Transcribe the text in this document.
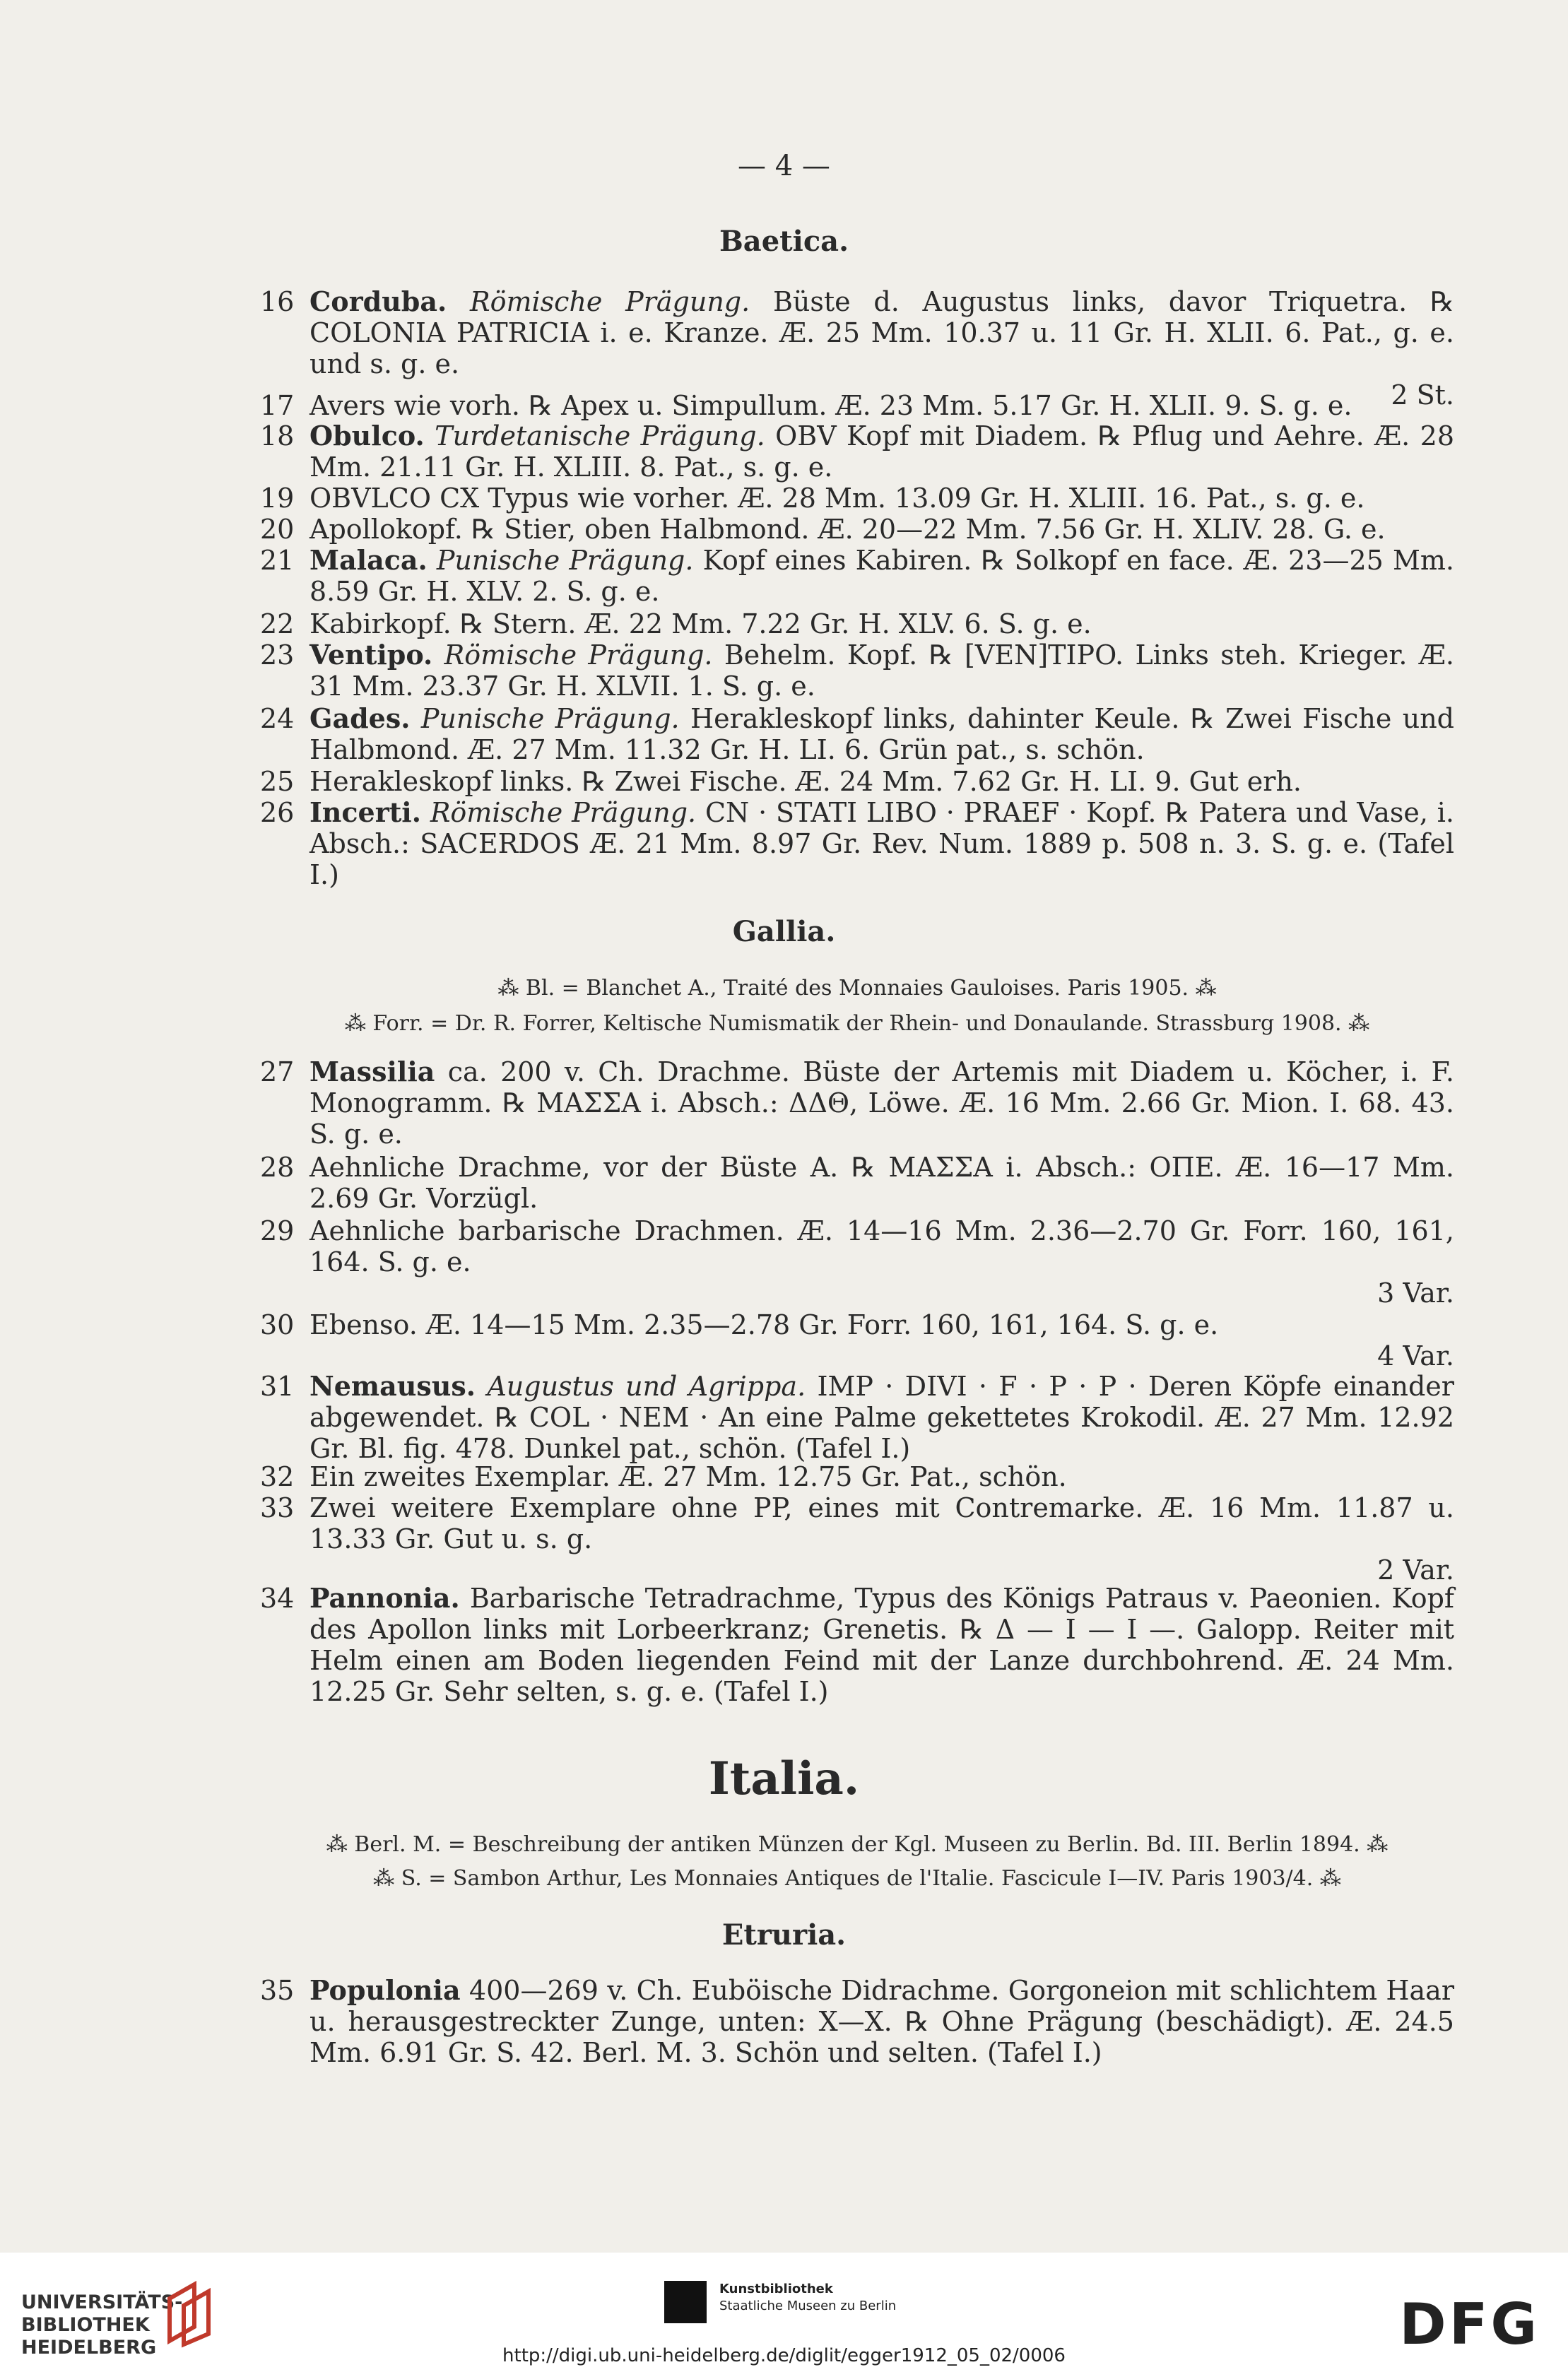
— 4 —
Baetica.
16 Corduba. Römische Prägung. Büste d. Augustus links, davor Triquetra. ℞ COLONIA PATRICIA i. e. Kranze. Æ. 25 Mm. 10.37 u. 11 Gr. H. XLII. 6. Pat., g. e. und s. g. e.
2 St.
17 Avers wie vorh. ℞ Apex u. Simpullum. Æ. 23 Mm. 5.17 Gr. H. XLII. 9. S. g. e.
18 Obulco. Turdetanische Prägung. OBV Kopf mit Diadem. ℞ Pflug und Aehre. Æ. 28 Mm. 21.11 Gr. H. XLIII. 8. Pat., s. g. e.
19 OBVLCO CX Typus wie vorher. Æ. 28 Mm. 13.09 Gr. H. XLIII. 16. Pat., s. g. e.
20 Apollokopf. ℞ Stier, oben Halbmond. Æ. 20—22 Mm. 7.56 Gr. H. XLIV. 28. G. e.
21 Malaca. Punische Prägung. Kopf eines Kabiren. ℞ Solkopf en face. Æ. 23—25 Mm. 8.59 Gr. H. XLV. 2. S. g. e.
22 Kabirkopf. ℞ Stern. Æ. 22 Mm. 7.22 Gr. H. XLV. 6. S. g. e.
23 Ventipo. Römische Prägung. Behelm. Kopf. ℞ [VEN]TIPO. Links steh. Krieger. Æ. 31 Mm. 23.37 Gr. H. XLVII. 1. S. g. e.
24 Gades. Punische Prägung. Herakleskopf links, dahinter Keule. ℞ Zwei Fische und Halbmond. Æ. 27 Mm. 11.32 Gr. H. LI. 6. Grün pat., s. schön.
25 Herakleskopf links. ℞ Zwei Fische. Æ. 24 Mm. 7.62 Gr. H. LI. 9. Gut erh.
26 Incerti. Römische Prägung. CN · STATI LIBO · PRAEF · Kopf. ℞ Patera und Vase, i. Absch.: SACERDOS Æ. 21 Mm. 8.97 Gr. Rev. Num. 1889 p. 508 n. 3. S. g. e. (Tafel I.)
Gallia.
⁂ Bl. = Blanchet A., Traité des Monnaies Gauloises. Paris 1905. ⁂
⁂ Forr. = Dr. R. Forrer, Keltische Numismatik der Rhein- und Donaulande. Strassburg 1908. ⁂
27 Massilia ca. 200 v. Ch. Drachme. Büste der Artemis mit Diadem u. Köcher, i. F. Monogramm. ℞ ΜΑΣΣΑ i. Absch.: ΔΔΘ, Löwe. Æ. 16 Mm. 2.66 Gr. Mion. I. 68. 43. S. g. e.
28 Aehnliche Drachme, vor der Büste A. ℞ ΜΑΣΣΑ i. Absch.: ΟΠΕ. Æ. 16—17 Mm. 2.69 Gr. Vorzügl.
29 Aehnliche barbarische Drachmen. Æ. 14—16 Mm. 2.36—2.70 Gr. Forr. 160, 161, 164. S. g. e.
3 Var.
30 Ebenso. Æ. 14—15 Mm. 2.35—2.78 Gr. Forr. 160, 161, 164. S. g. e.
4 Var.
31 Nemausus. Augustus und Agrippa. IMP · DIVI · F · P · P · Deren Köpfe einander abgewendet. ℞ COL · NEM · An eine Palme gekettetes Krokodil. Æ. 27 Mm. 12.92 Gr. Bl. fig. 478. Dunkel pat., schön. (Tafel I.)
32 Ein zweites Exemplar. Æ. 27 Mm. 12.75 Gr. Pat., schön.
33 Zwei weitere Exemplare ohne PP, eines mit Contremarke. Æ. 16 Mm. 11.87 u. 13.33 Gr. Gut u. s. g.
2 Var.
34 Pannonia. Barbarische Tetradrachme, Typus des Königs Patraus v. Paeonien. Kopf des Apollon links mit Lorbeerkranz; Grenetis. ℞ Δ — I — I —. Galopp. Reiter mit Helm einen am Boden liegenden Feind mit der Lanze durchbohrend. Æ. 24 Mm. 12.25 Gr. Sehr selten, s. g. e. (Tafel I.)
Italia.
⁂ Berl. M. = Beschreibung der antiken Münzen der Kgl. Museen zu Berlin. Bd. III. Berlin 1894. ⁂
⁂ S. = Sambon Arthur, Les Monnaies Antiques de l'Italie. Fascicule I—IV. Paris 1903/4. ⁂
Etruria.
35 Populonia 400—269 v. Ch. Euböische Didrachme. Gorgoneion mit schlichtem Haar u. herausgestreckter Zunge, unten: X—X. ℞ Ohne Prägung (beschädigt). Æ. 24.5 Mm. 6.91 Gr. S. 42. Berl. M. 3. Schön und selten. (Tafel I.)
UNIVERSITÄTS-
BIBLIOTHEK
HEIDELBERG
Kunstbibliothek
Staatliche Museen zu Berlin	DFG
http://digi.ub.uni-heidelberg.de/diglit/egger1912_05_02/0006
